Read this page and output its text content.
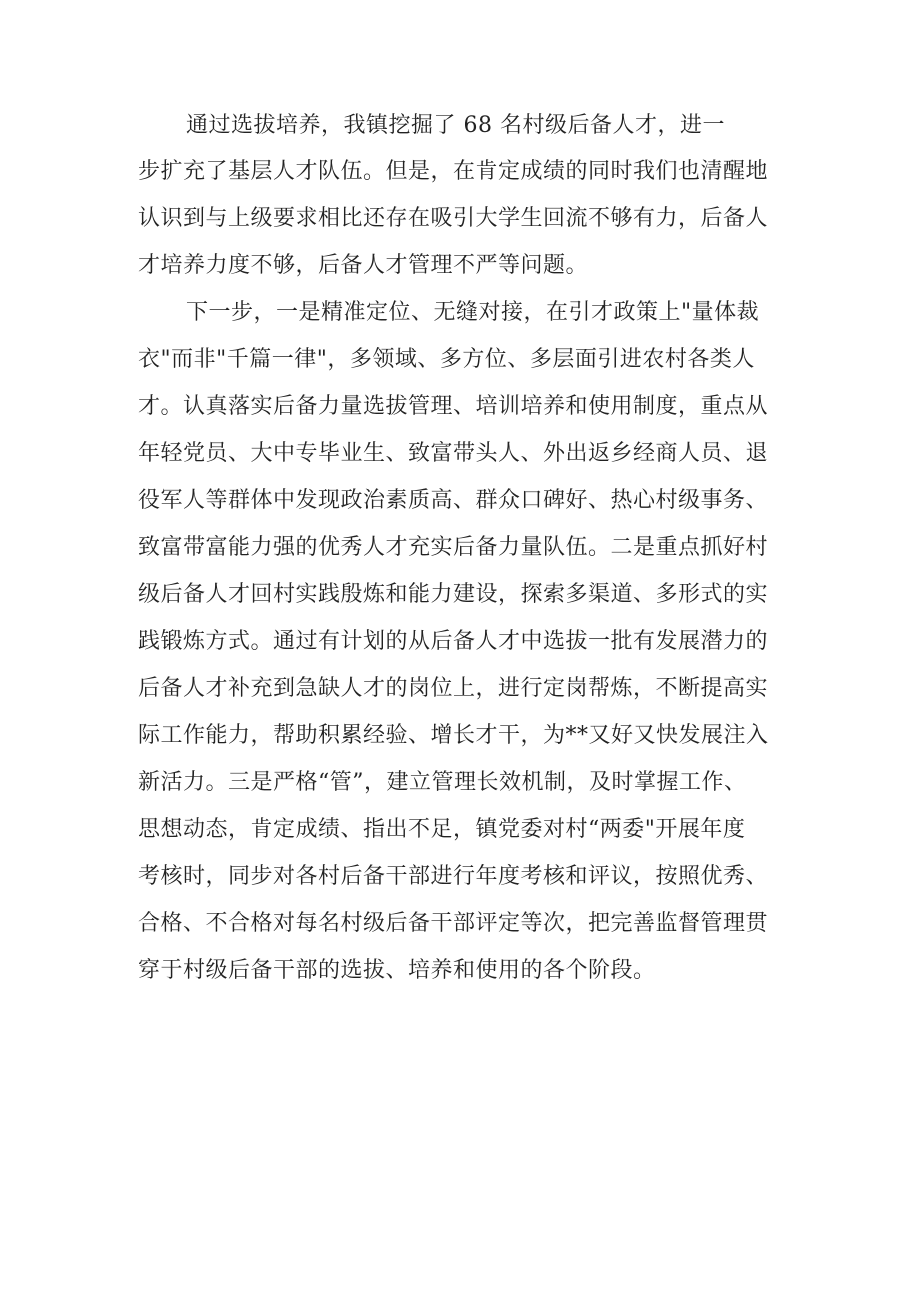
通过选拔培养，我镇挖掘了 68 名村级后备人才，进一
步扩充了基层人才队伍。但是，在肯定成绩的同时我们也清醒地
认识到与上级要求相比还存在吸引大学生回流不够有力，后备人
才培养力度不够，后备人才管理不严等问题。
下一步，一是精准定位、无缝对接，在引才政策上"量体裁
衣"而非"千篇一律"，多领域、多方位、多层面引进农村各类人
才。认真落实后备力量选拔管理、培训培养和使用制度，重点从
年轻党员、大中专毕业生、致富带头人、外出返乡经商人员、退
役军人等群体中发现政治素质高、群众口碑好、热心村级事务、
致富带富能力强的优秀人才充实后备力量队伍。二是重点抓好村
级后备人才回村实践殷炼和能力建设，探索多渠道、多形式的实
践锻炼方式。通过有计划的从后备人才中选拔一批有发展潜力的
后备人才补充到急缺人才的岗位上，进行定岗帮炼，不断提高实
际工作能力，帮助积累经验、增长才干，为**又好又快发展注入
新活力。三是严格“管”，建立管理长效机制，及时掌握工作、
思想动态，肯定成绩、指出不足，镇党委对村“两委"开展年度
考核时，同步对各村后备干部进行年度考核和评议，按照优秀、
合格、不合格对每名村级后备干部评定等次，把完善监督管理贯
穿于村级后备干部的选拔、培养和使用的各个阶段。
